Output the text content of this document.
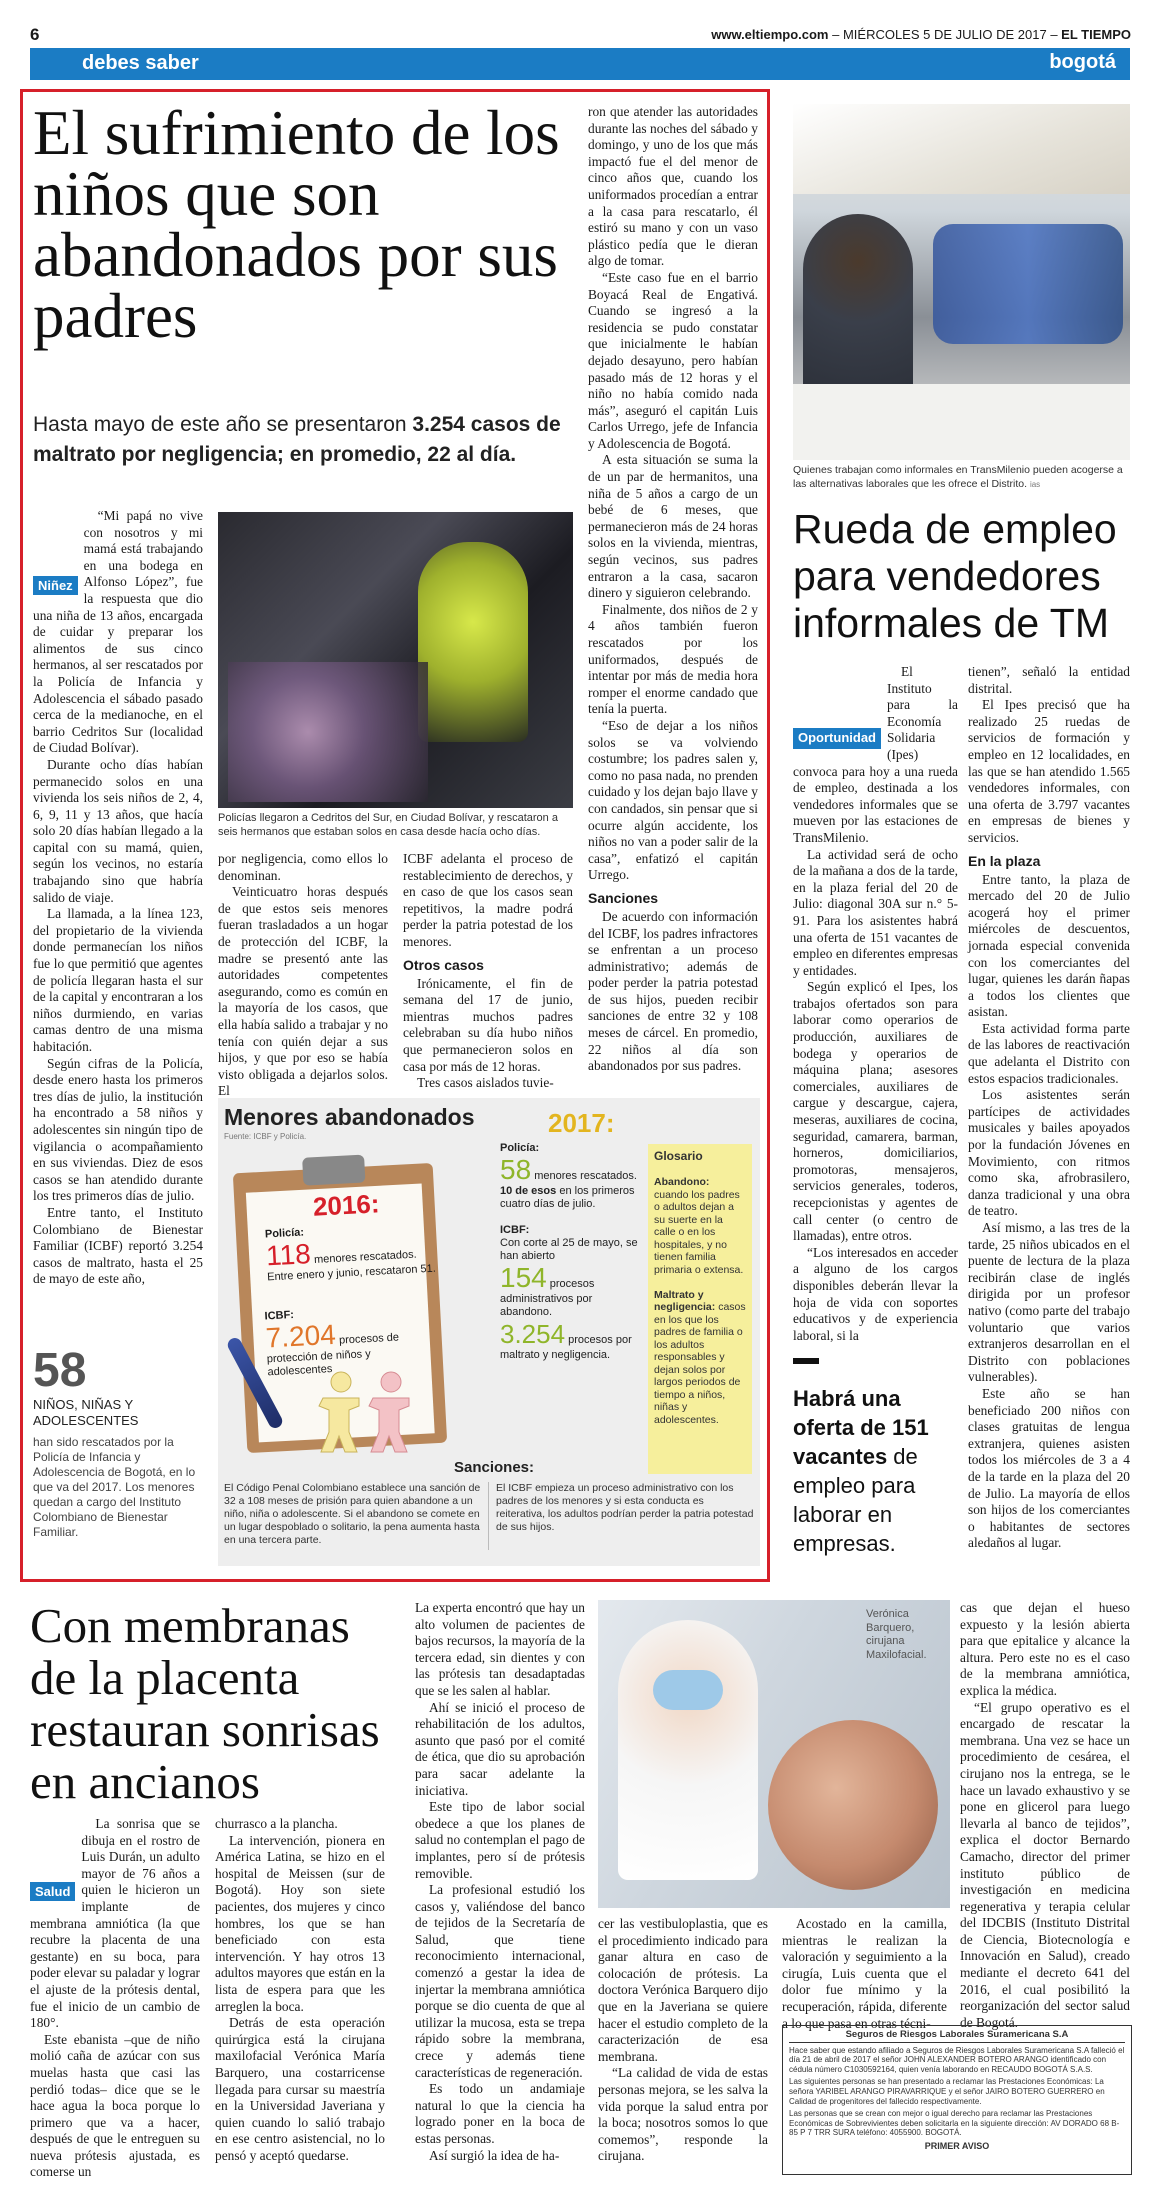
6	www.eltiempo.com – MIÉRCOLES 5 DE JULIO DE 2017 – EL TIEMPO
debes saber	bogotá
El sufrimiento de los niños que son abandonados por sus padres
Hasta mayo de este año se presentaron 3.254 casos de maltrato por negligencia; en promedio, 22 al día.
Niñez

“Mi papá no vive con nosotros y mi mamá está trabajando en una bodega en Alfonso López”, fue la respuesta que dio una niña de 13 años, encargada de cuidar y preparar los alimentos de sus cinco hermanos, al ser rescatados por la Policía de Infancia y Adolescencia el sábado pasado cerca de la medianoche, en el barrio Cedritos Sur (localidad de Ciudad Bolívar).

Durante ocho días habían permanecido solos en una vivienda los seis niños de 2, 4, 6, 9, 11 y 13 años, que hacía solo 20 días habían llegado a la capital con su mamá, quien, según los vecinos, no estaría trabajando sino que habría salido de viaje.

La llamada, a la línea 123, del propietario de la vivienda donde permanecían los niños fue lo que permitió que agentes de policía llegaran hasta el sur de la capital y encontraran a los niños durmiendo, en varias camas dentro de una misma habitación.

Según cifras de la Policía, desde enero hasta los primeros tres días de julio, la institución ha encontrado a 58 niños y adolescentes sin ningún tipo de vigilancia o acompañamiento en sus viviendas. Diez de esos casos se han atendido durante los tres primeros días de julio.

Entre tanto, el Instituto Colombiano de Bienestar Familiar (ICBF) reportó 3.254 casos de maltrato, hasta el 25 de mayo de este año,

58
NIÑOS, NIÑAS Y ADOLESCENTES
han sido rescatados por la Policía de Infancia y Adolescencia de Bogotá, en lo que va del 2017. Los menores quedan a cargo del Instituto Colombiano de Bienestar Familiar.
Policías llegaron a Cedritos del Sur, en Ciudad Bolívar, y rescataron a seis hermanos que estaban solos en casa desde hacía ocho días.

por negligencia, como ellos lo denominan.

Veinticuatro horas después de que estos seis menores fueran trasladados a un hogar de protección del ICBF, la madre se presentó ante las autoridades competentes asegurando, como es común en la mayoría de los casos, que ella había salido a trabajar y no tenía con quién dejar a sus hijos, y que por eso se había visto obligada a dejarlos solos. El

ICBF adelanta el proceso de restablecimiento de derechos, y en caso de que los casos sean repetitivos, la madre podrá perder la patria potestad de los menores.

Otros casos

Irónicamente, el fin de semana del 17 de junio, mientras muchos padres celebraban su día hubo niños que permanecieron solos en casa por más de 12 horas.

Tres casos aislados tuvie-

ron que atender las autoridades durante las noches del sábado y domingo, y uno de los que más impactó fue el del menor de cinco años que, cuando los uniformados procedían a entrar a la casa para rescatarlo, él estiró su mano y con un vaso plástico pedía que le dieran algo de tomar.

“Este caso fue en el barrio Boyacá Real de Engativá. Cuando se ingresó a la residencia se pudo constatar que inicialmente le habían dejado desayuno, pero habían pasado más de 12 horas y el niño no había comido nada más”, aseguró el capitán Luis Carlos Urrego, jefe de Infancia y Adolescencia de Bogotá.

A esta situación se suma la de un par de hermanitos, una niña de 5 años a cargo de un bebé de 6 meses, que permanecieron más de 24 horas solos en la vivienda, mientras, según vecinos, sus padres entraron a la casa, sacaron dinero y siguieron celebrando.

Finalmente, dos niños de 2 y 4 años también fueron rescatados por los uniformados, después de intentar por más de media hora romper el enorme candado que tenía la puerta.

“Eso de dejar a los niños solos se va volviendo costumbre; los padres salen y, como no pasa nada, no prenden cuidado y los dejan bajo llave y con candados, sin pensar que si ocurre algún accidente, los niños no van a poder salir de la casa”, enfatizó el capitán Urrego.

Sanciones

De acuerdo con información del ICBF, los padres infractores se enfrentan a un proceso administrativo; además de poder perder la patria potestad de sus hijos, pueden recibir sanciones de entre 32 y 108 meses de cárcel. En promedio, 22 niños al día son abandonados por sus padres.

Menores abandonados
Fuente: ICBF y Policía.
2016:
Policía:
118 menores rescatados.
Entre enero y junio, rescataron 51.
ICBF:
7.204 procesos de protección de niños y adolescentes
2017:
Policía:
58 menores rescatados. 10 de esos en los primeros cuatro días de julio.

ICBF:
Con corte al 25 de mayo, se han abierto
154 procesos administrativos por abandono.
3.254 procesos por maltrato y negligencia.
Glosario

Abandono:
cuando los padres o adultos dejan a su suerte en la calle o en los hospitales, y no tienen familia primaria o extensa.

Maltrato y negligencia: casos en los que los padres de familia o los adultos responsables y dejan solos por largos periodos de tiempo a niños, niñas y adolescentes.
Sanciones:
El Código Penal Colombiano establece una sanción de 32 a 108 meses de prisión para quien abandone a un niño, niña o adolescente. Si el abandono se comete en un lugar despoblado o solitario, la pena aumenta hasta en una tercera parte.
El ICBF empieza un proceso administrativo con los padres de los menores y si esta conducta es reiterativa, los adultos podrían perder la patria potestad de sus hijos.
Quienes trabajan como informales en TransMilenio pueden acogerse a las alternativas laborales que les ofrece el Distrito. ias
Rueda de empleo para vendedores informales de TM

Oportunidad
El Instituto para la Economía Solidaria (Ipes) convoca para hoy a una rueda de empleo, destinada a los vendedores informales que se mueven por las estaciones de TransMilenio.

La actividad será de ocho de la mañana a dos de la tarde, en la plaza ferial del 20 de Julio: diagonal 30A sur n.° 5-91. Para los asistentes habrá una oferta de 151 vacantes de empleo en diferentes empresas y entidades.

Según explicó el Ipes, los trabajos ofertados son para laborar como operarios de producción, auxiliares de bodega y operarios de máquina plana; asesores comerciales, auxiliares de cargue y descargue, cajera, meseras, auxiliares de cocina, seguridad, camarera, barman, horneros, domiciliarios, promotoras, mensajeros, servicios generales, toderos, recepcionistas y agentes de call center (o centro de llamadas), entre otros.

“Los interesados en acceder a alguno de los cargos disponibles deberán llevar la hoja de vida con soportes educativos y de experiencia laboral, si la

Habrá una oferta de 151 vacantes de empleo para laborar en empresas.

tienen”, señaló la entidad distrital.

El Ipes precisó que ha realizado 25 ruedas de servicios de formación y empleo en 12 localidades, en las que se han atendido 1.565 vendedores informales, con una oferta de 3.797 vacantes en empresas de bienes y servicios.

En la plaza

Entre tanto, la plaza de mercado del 20 de Julio acogerá hoy el primer miércoles de descuentos, jornada especial convenida con los comerciantes del lugar, quienes les darán ñapas a todos los clientes que asistan.

Esta actividad forma parte de las labores de reactivación que adelanta el Distrito con estos espacios tradicionales.

Los asistentes serán partícipes de actividades musicales y bailes apoyados por la fundación Jóvenes en Movimiento, con ritmos como ska, afrobrasilero, danza tradicional y una obra de teatro.

Así mismo, a las tres de la tarde, 25 niños ubicados en el puente de lectura de la plaza recibirán clase de inglés dirigida por un profesor nativo (como parte del trabajo voluntario que varios extranjeros desarrollan en el Distrito con poblaciones vulnerables).

Este año se han beneficiado 200 niños con clases gratuitas de lengua extranjera, quienes asisten todos los miércoles de 3 a 4 de la tarde en la plaza del 20 de Julio. La mayoría de ellos son hijos de los comerciantes o habitantes de sectores aledaños al lugar.

Con membranas de la placenta restauran sonrisas en ancianos
Salud

La sonrisa que se dibuja en el rostro de Luis Durán, un adulto mayor de 76 años a quien le hicieron un implante de membrana amniótica (la que recubre la placenta de una gestante) en su boca, para poder elevar su paladar y lograr el ajuste de la prótesis dental, fue el inicio de un cambio de 180°.

Este ebanista –que de niño molió caña de azúcar con sus muelas hasta que casi las perdió todas– dice que se le hace agua la boca porque lo primero que va a hacer, después de que le entreguen su nueva prótesis ajustada, es comerse un

churrasco a la plancha.

La intervención, pionera en América Latina, se hizo en el hospital de Meissen (sur de Bogotá). Hoy son siete pacientes, dos mujeres y cinco hombres, los que se han beneficiado con esta intervención. Y hay otros 13 adultos mayores que están en la lista de espera para que les arreglen la boca.

Detrás de esta operación quirúrgica está la cirujana maxilofacial Verónica María Barquero, una costarricense llegada para cursar su maestría en la Universidad Javeriana y quien cuando lo salió trabajo en ese centro asistencial, no lo pensó y aceptó quedarse.

La experta encontró que hay un alto volumen de pacientes de bajos recursos, la mayoría de la tercera edad, sin dientes y con las prótesis tan desadaptadas que se les salen al hablar.

Ahí se inició el proceso de rehabilitación de los adultos, asunto que pasó por el comité de ética, que dio su aprobación para sacar adelante la iniciativa.

Este tipo de labor social obedece a que los planes de salud no contemplan el pago de implantes, pero sí de prótesis removible.

La profesional estudió los casos y, valiéndose del banco de tejidos de la Secretaría de Salud, que tiene reconocimiento internacional, comenzó a gestar la idea de injertar la membrana amniótica porque se dio cuenta de que al utilizar la mucosa, esta se trepa rápido sobre la membrana, crece y además tiene características de regeneración.

Es todo un andamiaje natural lo que la ciencia ha logrado poner en la boca de estas personas.

Así surgió la idea de ha-

Verónica Barquero, cirujana Maxilofacial.

cer las vestibuloplastia, que es el procedimiento indicado para ganar altura en caso de colocación de prótesis. La doctora Verónica Barquero dijo que en la Javeriana se quiere hacer el estudio completo de la caracterización de esa membrana.

“La calidad de vida de estas personas mejora, se les salva la vida porque la salud entra por la boca; nosotros somos lo que comemos”, responde la cirujana.

Acostado en la camilla, mientras le realizan la valoración y seguimiento a la cirugía, Luis cuenta que el dolor fue mínimo y la recuperación, rápida, diferente a lo que pasa en otras técni-

cas que dejan el hueso expuesto y la lesión abierta para que epitalice y alcance la altura. Pero este no es el caso de la membrana amniótica, explica la médica.

“El grupo operativo es el encargado de rescatar la membrana. Una vez se hace un procedimiento de cesárea, el cirujano nos la entrega, se le hace un lavado exhaustivo y se pone en glicerol para luego llevarla al banco de tejidos”, explica el doctor Bernardo Camacho, director del primer instituto público de investigación en medicina regenerativa y terapia celular del IDCBIS (Instituto Distrital de Ciencia, Biotecnología e Innovación en Salud), creado mediante el decreto 641 del 2016, el cual posibilitó la reorganización del sector salud de Bogotá.

Seguros de Riesgos Laborales Suramericana S.A
Hace saber que estando afiliado a Seguros de Riesgos Laborales Suramericana S.A falleció el día 21 de abril de 2017 el señor JOHN ALEXANDER BOTERO ARANGO identificado con cédula número C1030592164, quien venía laborando en RECAUDO BOGOTÁ S.A.S.
Las siguientes personas se han presentado a reclamar las Prestaciones Económicas: La señora YARIBEL ARANGO PIRAVARRIQUE y el señor JAIRO BOTERO GUERRERO en Calidad de progenitores del fallecido respectivamente.
Las personas que se crean con mejor o igual derecho para reclamar las Prestaciones Económicas de Sobrevivientes deben solicitarla en la siguiente dirección: AV DORADO 68 B-85 P 7 TRR SURA teléfono: 4055900. BOGOTÁ.
PRIMER AVISO
